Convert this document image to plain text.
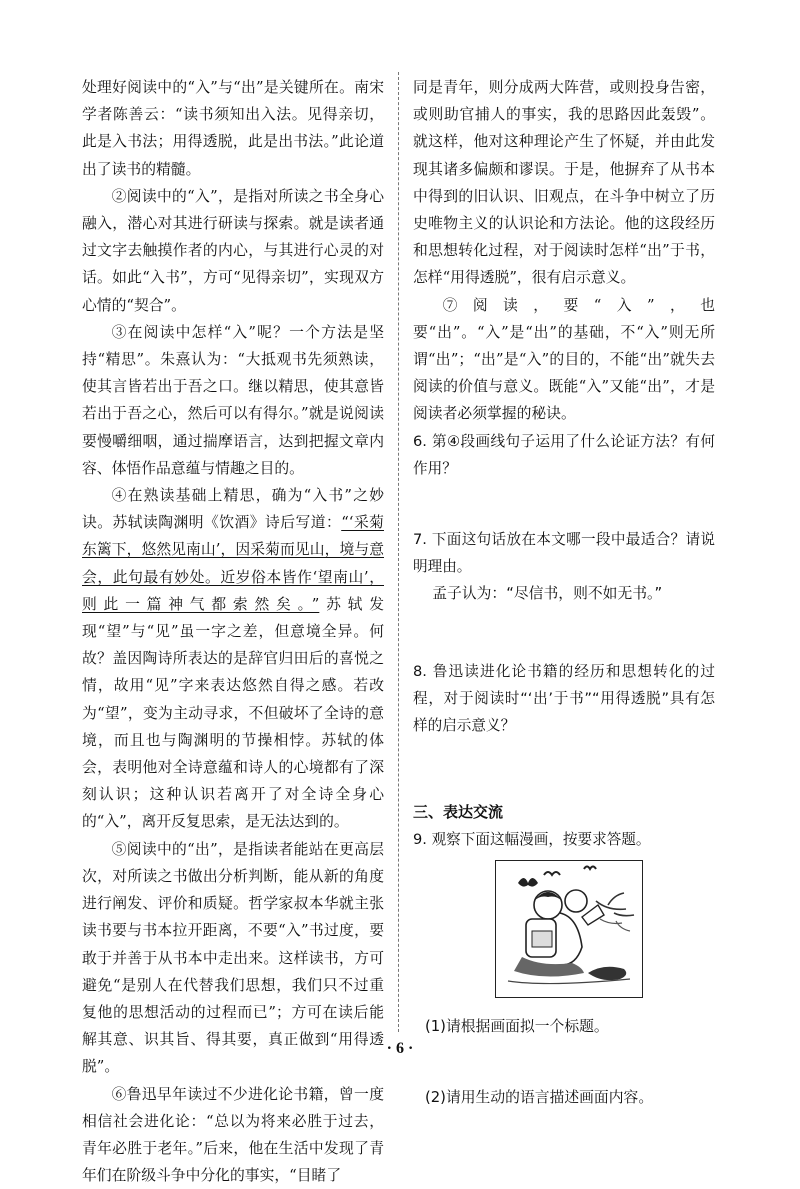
处理好阅读中的“入”与“出”是关键所在。南宋学者陈善云：“读书须知出入法。见得亲切，此是入书法；用得透脱，此是出书法。”此论道出了读书的精髓。

②阅读中的“入”，是指对所读之书全身心融入，潜心对其进行研读与探索。就是读者通过文字去触摸作者的内心，与其进行心灵的对话。如此“入书”，方可“见得亲切”，实现双方心情的“契合”。

③在阅读中怎样“入”呢？一个方法是坚持“精思”。朱熹认为：“大抵观书先须熟读，使其言皆若出于吾之口。继以精思，使其意皆若出于吾之心，然后可以有得尔。”就是说阅读要慢嚼细咽，通过揣摩语言，达到把握文章内容、体悟作品意蕴与情趣之目的。

④在熟读基础上精思，确为“入书”之妙诀。苏轼读陶渊明《饮酒》诗后写道：“‘采菊东篱下，悠然见南山’，因采菊而见山，境与意会，此句最有妙处。近岁俗本皆作‘望南山’，则此一篇神气都索然矣。”苏轼发现“望”与“见”虽一字之差，但意境全异。何故？盖因陶诗所表达的是辞官归田后的喜悦之情，故用“见”字来表达悠然自得之感。若改为“望”，变为主动寻求，不但破坏了全诗的意境，而且也与陶渊明的节操相悖。苏轼的体会，表明他对全诗意蕴和诗人的心境都有了深刻认识；这种认识若离开了对全诗全身心的“入”，离开反复思索，是无法达到的。

⑤阅读中的“出”，是指读者能站在更高层次，对所读之书做出分析判断，能从新的角度进行阐发、评价和质疑。哲学家叔本华就主张读书要与书本拉开距离，不要“入”书过度，要敢于并善于从书本中走出来。这样读书，方可避免“是别人在代替我们思想，我们只不过重复他的思想活动的过程而已”；方可在读后能解其意、识其旨、得其要，真正做到“用得透脱”。

⑥鲁迅早年读过不少进化论书籍，曾一度相信社会进化论：“总以为将来必胜于过去，青年必胜于老年。”后来，他在生活中发现了青年们在阶级斗争中分化的事实，“目睹了

同是青年，则分成两大阵营，或则投身告密，或则助官捕人的事实，我的思路因此轰毁”。就这样，他对这种理论产生了怀疑，并由此发现其诸多偏颇和谬误。于是，他摒弃了从书本中得到的旧认识、旧观点，在斗争中树立了历史唯物主义的认识论和方法论。他的这段经历和思想转化过程，对于阅读时怎样“出”于书，怎样“用得透脱”，很有启示意义。

⑦阅读，要“入”，也要“出”。“入”是“出”的基础，不“入”则无所谓“出”；“出”是“入”的目的，不能“出”就失去阅读的价值与意义。既能“入”又能“出”，才是阅读者必须掌握的秘诀。

6. 第④段画线句子运用了什么论证方法？有何作用？

7. 下面这句话放在本文哪一段中最适合？请说明理由。

孟子认为：“尽信书，则不如无书。”

8. 鲁迅读进化论书籍的经历和思想转化的过程，对于阅读时“‘出’于书”“用得透脱”具有怎样的启示意义？

三、表达交流

9. 观察下面这幅漫画，按要求答题。

(1)请根据画面拟一个标题。

(2)请用生动的语言描述画面内容。

· 6 ·
